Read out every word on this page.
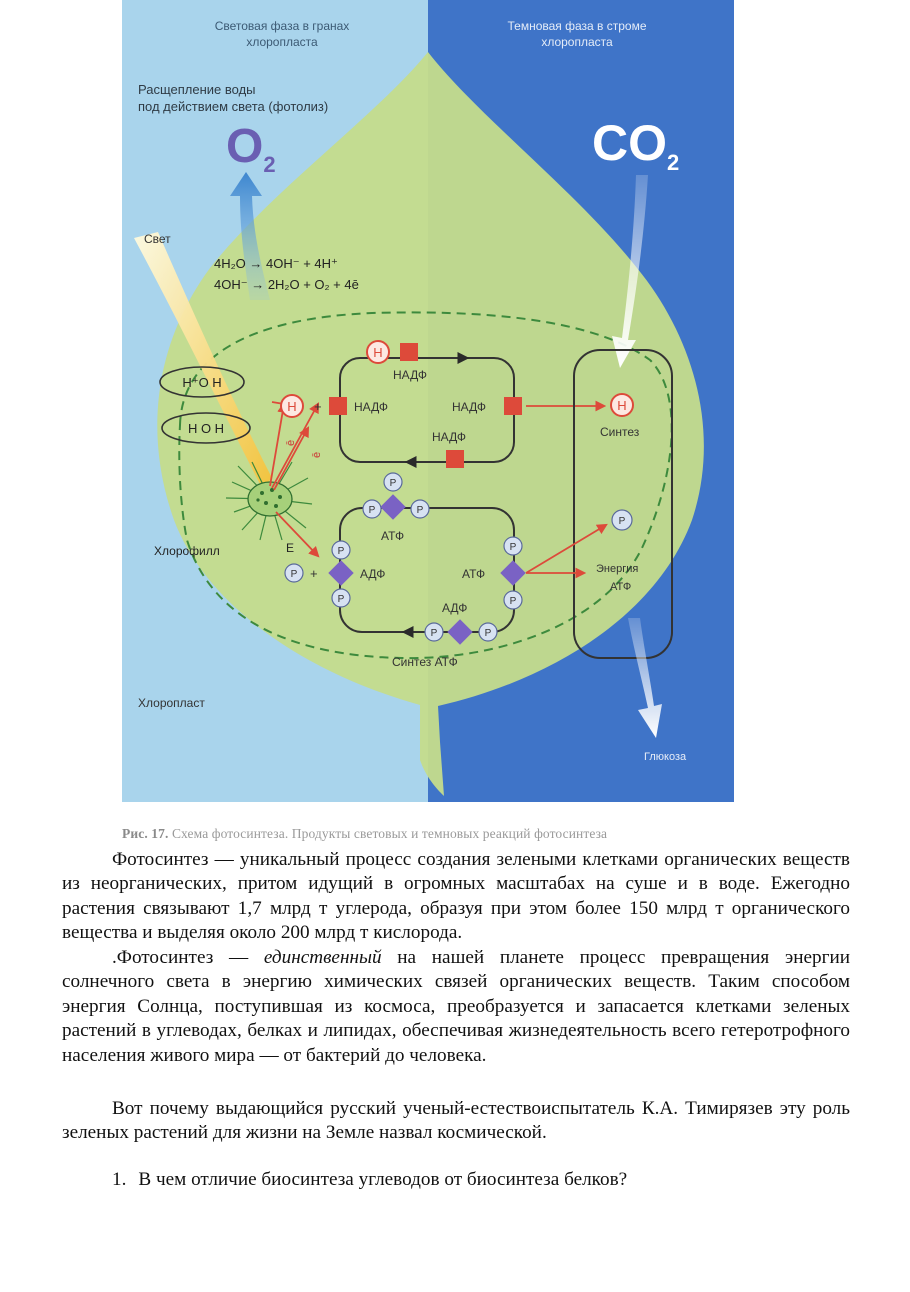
Световая фаза в гранах
хлоропласта
Темновая фаза в строме
хлоропласта
Расщепление воды
под действием света (фотолиз)
$O_2$	$CO_2$
Свет
4H₂O → 4OH⁻ + 4H⁺
4OH⁻ → 2H₂O + O₂ + 4ē
H⁺O H
H O H
Хлорофилл	Е
ē
ē
H
НАДФ
H +	НАДФ	НАДФ
НАДФ
H
Синтез
P
P	P
АТФ
P +
P
P
АДФ	АТФ
P
P
P
Энергия
АТФ
АДФ
P	P
Синтез АТФ
Глюкоза
Хлоропласт
Рис. 17. Схема фотосинтеза. Продукты световых и темновых реакций фотосинтеза

Фотосинтез — уникальный процесс создания зелеными клетками органических веществ из неорганических, притом идущий в огромных масштабах на суше и в воде. Ежегодно растения связывают 1,7 млрд т углерода, образуя при этом более 150 млрд т органического вещества и выделяя около 200 млрд т кислорода.

.Фотосинтез — единственный на нашей планете процесс превращения энергии солнечного света в энергию химических связей органических веществ. Таким способом энергия Солнца, поступившая из космоса, преобразуется и запасается клетками зеленых растений в углеводах, белках и липидах, обеспечивая жизнедеятельность всего гетеротрофного населения живого мира — от бактерий до человека.

Вот почему выдающийся русский ученый-естествоиспытатель К.А. Тимирязев эту роль зеленых растений для жизни на Земле назвал космической.

1. В чем отличие биосинтеза углеводов от биосинтеза белков?
